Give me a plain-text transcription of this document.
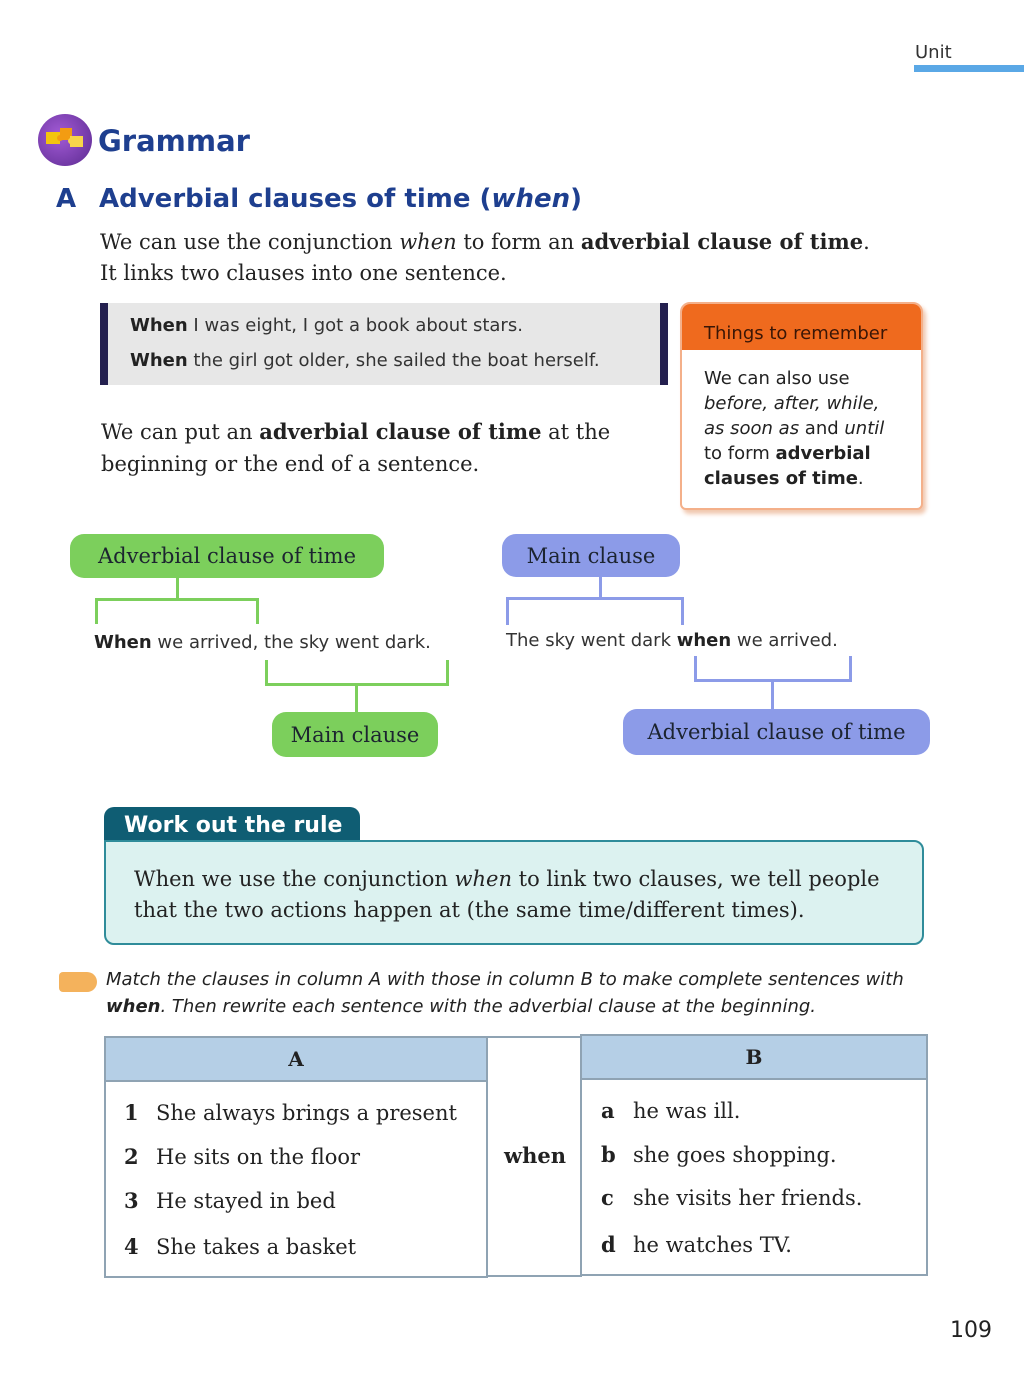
Unit
Grammar
A Adverbial clauses of time (when)
We can use the conjunction when to form an adverbial clause of time.
It links two clauses into one sentence.
When I was eight, I got a book about stars.
When the girl got older, she sailed the boat herself.
Things to remember
We can also use
before, after, while,
as soon as and until
to form adverbial
clauses of time.
We can put an adverbial clause of time at the beginning or the end of a sentence.
Adverbial clause of time
When we arrived, the sky went dark.
Main clause
Main clause
The sky went dark when we arrived.
Adverbial clause of time
Work out the rule
When we use the conjunction when to link two clauses, we tell people that the two actions happen at (the same time/different times).
Match the clauses in column A with those in column B to make complete sentences with when. Then rewrite each sentence with the adverbial clause at the beginning.
A	B
1 She always brings a present
2 He sits on the floor
3 He stayed in bed
4 She takes a basket
when
a he was ill.
b she goes shopping.
c she visits her friends.
d he watches TV.
109
